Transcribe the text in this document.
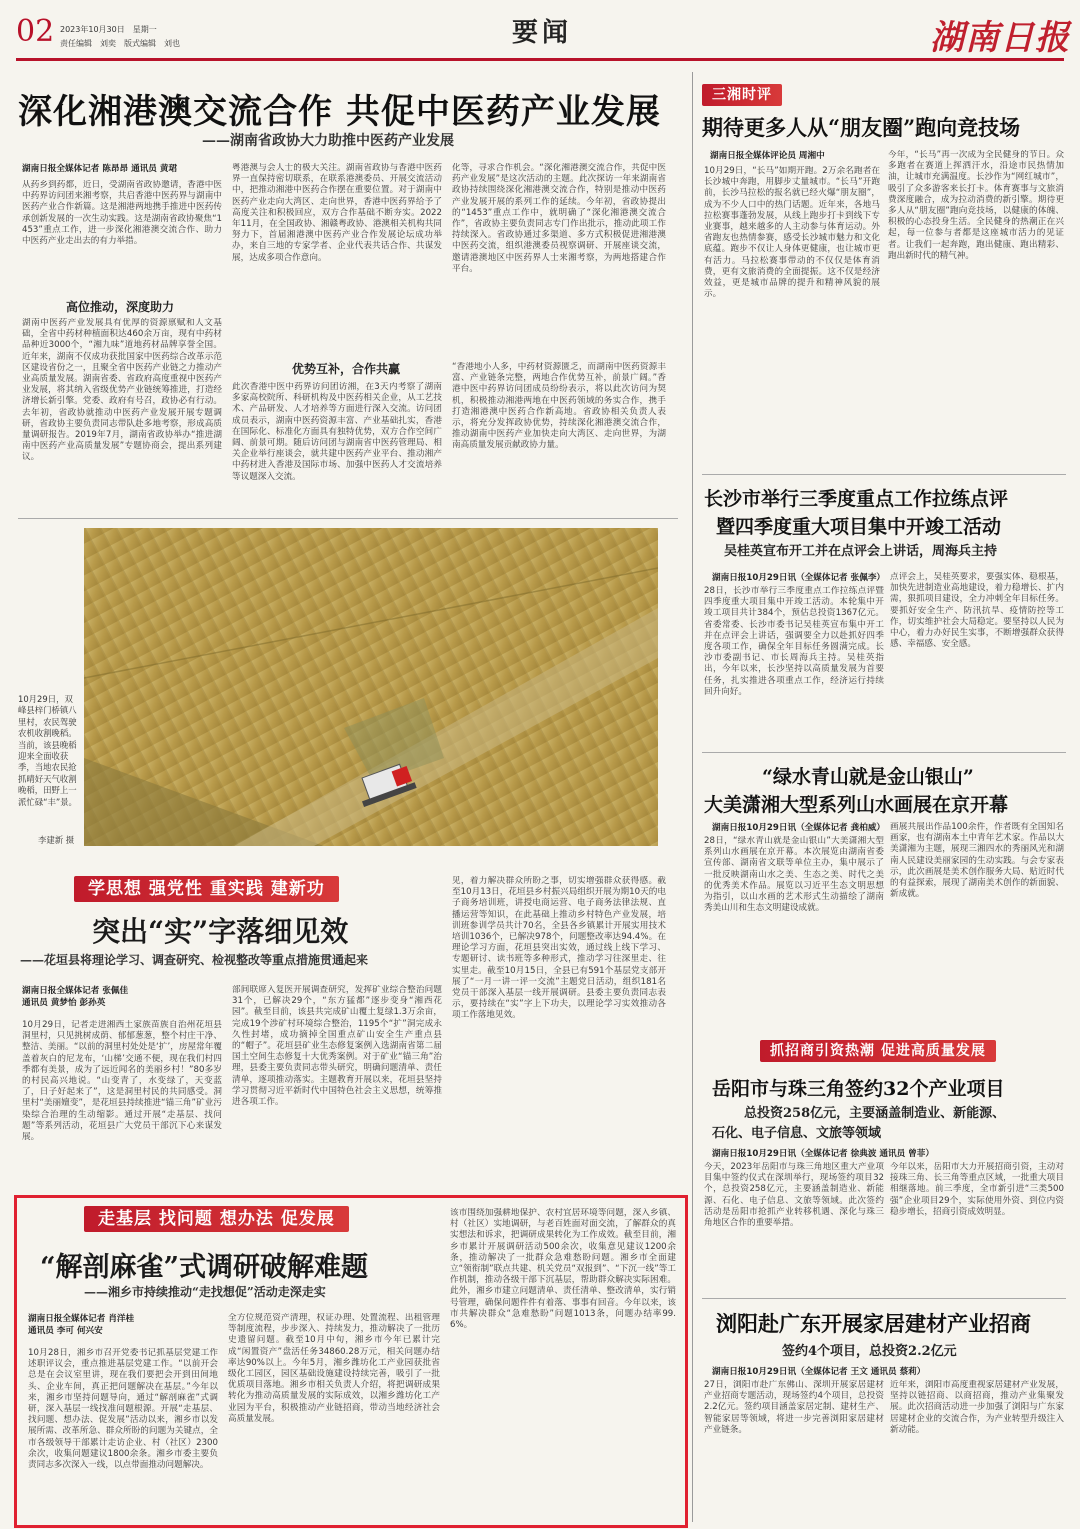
02 2023年10月30日　星期一
责任编辑　刘奕　版式编辑　刘也	要闻	湖南日报
深化湘港澳交流合作 共促中医药产业发展
——湖南省政协大力助推中医药产业发展
湖南日报全媒体记者 陈昂昂 通讯员 黄珺
从药乡到药都，近日，受湖南省政协邀请，香港中医中药界访问团来湘考察，共启香港中医药界与湖南中医药产业合作新篇。这是湘港两地携手推进中医药传承创新发展的一次生动实践。这是湖南省政协聚焦“1453”重点工作，进一步深化湘港澳交流合作、助力中医药产业走出去的有力举措。
高位推动，深度助力
湖南中医药产业发展具有优厚的资源禀赋和人文基础，全省中药材种植面积达460余万亩，现有中药材品种近3000个，“湘九味”道地药材品牌享誉全国。近年来，湖南不仅成功获批国家中医药综合改革示范区建设省份之一，且聚全省中医药产业链之力推动产业高质量发展。湖南省委、省政府高度重视中医药产业发展，将其纳入省级优势产业链统筹推进，打造经济增长新引擎。党委、政府有号召，政协必有行动。去年初，省政协就推动中医药产业发展开展专题调研，省政协主要负责同志带队赴多地考察，形成高质量调研报告。2019年7月，湖南省政协举办“推进湖南中医药产业高质量发展”专题协商会，提出系列建议。
粤港澳与会人士的极大关注。湖南省政协与香港中医药界一直保持密切联系，在联系港澳委员、开展交流活动中，把推动湘港中医药合作摆在重要位置。对于湖南中医药产业走向大湾区、走向世界，香港中医药界给予了高度关注和积极回应，双方合作基础不断夯实。2022年11月，在全国政协、湘赣粤政协、港澳相关机构共同努力下，首届湘港澳中医药产业合作发展论坛成功举办，来自三地的专家学者、企业代表共话合作、共谋发展，达成多项合作意向。
优势互补，合作共赢
此次香港中医中药界访问团访湘，在3天内考察了湖南多家高校院所、科研机构及中医药相关企业，从工艺技术、产品研发、人才培养等方面进行深入交流。访问团成员表示，湖南中医药资源丰富、产业基础扎实，香港在国际化、标准化方面具有独特优势，双方合作空间广阔、前景可期。随后访问团与湖南省中医药管理局、相关企业举行座谈会，就共建中医药产业平台、推动湘产中药材进入香港及国际市场、加强中医药人才交流培养等议题深入交流。
化等，寻求合作机会。“深化湘港澳交流合作，共促中医药产业发展”是这次活动的主题。此次探访一年来湖南省政协持续围绕深化湘港澳交流合作，特别是推动中医药产业发展开展的系列工作的延续。今年初，省政协提出的“1453”重点工作中，就明确了“深化湘港澳交流合作”，省政协主要负责同志专门作出批示，推动此项工作持续深入。省政协通过多渠道、多方式积极促进湘港澳中医药交流，组织港澳委员视察调研、开展座谈交流，邀请港澳地区中医药界人士来湘考察，为两地搭建合作平台。
“香港地小人多，中药材资源匮乏，而湖南中医药资源丰富、产业链条完整，两地合作优势互补，前景广阔。”香港中医中药界访问团成员纷纷表示，将以此次访问为契机，积极推动湘港两地在中医药领域的务实合作，携手打造湘港澳中医药合作新高地。省政协相关负责人表示，将充分发挥政协优势，持续深化湘港澳交流合作，推动湖南中医药产业加快走向大湾区、走向世界，为湖南高质量发展贡献政协力量。
10月29日，双峰县梓门桥镇八里村，农民驾驶农机收割晚稻。当前，该县晚稻迎来全面收获季，当地农民抢抓晴好天气收割晚稻，田野上一派忙碌“丰”景。
李建新 摄
学思想 强党性 重实践 建新功
突出“实”字落细见效
——花垣县将理论学习、调查研究、检视整改等重点措施贯通起来
湖南日报全媒体记者 张佩佳
通讯员 黄梦怡 彭孙英
10月29日，记者走进湘西土家族苗族自治州花垣县洞里村，只见挑树成荫、郁郁葱葱，整个村庄干净、整洁、美丽。“以前的洞里村处处是‘扩’，房屋常年覆盖着灰白的尼龙布，‘山梯’交通不便，现在我们村四季都有美景，成为了远近闻名的美丽乡村！”80多岁的村民高兴地说。“山变青了，水变绿了，天变蓝了，日子好起来了”，这是洞里村民的共同感受。洞里村“美丽嬗变”，是花垣县持续推进“锚三角”矿业污染综合治理的生动缩影。通过开展“走基层、找问题”等系列活动，花垣县广大党员干部沉下心来谋发展。
部间联席入复医开展调查研究，发挥矿业综合整治问题31个，已解决29个，“东方猛都”逐步变身“湘西花园”。截至目前，该县共完成矿山覆土复绿1.3万余亩，完成19个涉矿村环境综合整治，1195个“扩”洞完成永久性封堵，成功摘掉全国重点矿山安全生产重点县的“帽子”。花垣县矿业生态修复案例入选湖南省第二届国土空间生态修复十大优秀案例。对于矿业“锚三角”治理，县委主要负责同志带头研究，明确问题清单、责任清单，逐项推动落实。主题教育开展以来，花垣县坚持学习贯彻习近平新时代中国特色社会主义思想，统筹推进各项工作。
见，着力解决群众所盼之事，切实增强群众获得感。截至10月13日，花垣县乡村振兴局组织开展为期10天的电子商务培训班，讲授电商运营、电子商务法律法规、直播运营等知识，在此基础上推动乡村特色产业发展，培训班参训学员共计70名，全县各乡镇累计开展实用技术培训1036个，已解决978个，问题整改率达94.4%。在理论学习方面，花垣县突出实效，通过线上线下学习、专题研讨、读书班等多种形式，推动学习往深里走、往实里走。截至10月15日，全县已有591个基层党支部开展了“一月一讲一评一交流”主题党日活动，组织181名党员干部深入基层一线开展调研。县委主要负责同志表示，要持续在“实”字上下功夫，以理论学习实效推动各项工作落地见效。
走基层 找问题 想办法 促发展
“解剖麻雀”式调研破解难题
——湘乡市持续推动“走找想促”活动走深走实
湖南日报全媒体记者 肖洋桂
通讯员 李可 何兴安
10月28日，湘乡市召开党委书记抓基层党建工作述职评议会，重点推进基层党建工作。“以前开会总是在会议室里讲，现在我们要把会开到田间地头、企业车间，真正把问题解决在基层。”今年以来，湘乡市坚持问题导向，通过“解剖麻雀”式调研，深入基层一线找准问题根源。开展“走基层、找问题、想办法、促发展”活动以来，湘乡市以发展所需、改革所急、群众所盼的问题为关键点，全市各级领导干部累计走访企业、村（社区）2300余次，收集问题建议1800余条。湘乡市委主要负责同志多次深入一线，以点带面推动问题解决。
全方位规范资产清理，权证办理、处置流程、出租管理等制度流程，步步深入、持续发力，推动解决了一批历史遗留问题。截至10月中旬，湘乡市今年已累计完成“闲置资产”盘活任务34860.28万元，相关问题办结率达90%以上。今年5月，湘乡潍坊化工产业园获批省级化工园区，园区基础设施建设持续完善，吸引了一批优质项目落地。湘乡市相关负责人介绍，将把调研成果转化为推动高质量发展的实际成效，以湘乡潍坊化工产业园为平台，积极推动产业链招商，带动当地经济社会高质量发展。
该市围绕加强耕地保护、农村宜居环境等问题，深入乡镇、村（社区）实地调研，与老百姓面对面交流，了解群众的真实想法和诉求，把调研成果转化为工作成效。截至目前，湘乡市累计开展调研活动500余次，收集意见建议1200余条，推动解决了一批群众急难愁盼问题。湘乡市全面建立“领衔制”联点共建、机关党员“双报到”、“下沉一线”等工作机制，推动各级干部下沉基层，帮助群众解决实际困难。此外，湘乡市建立问题清单、责任清单、整改清单，实行销号管理，确保问题件件有着落、事事有回音。今年以来，该市共解决群众“急难愁盼”问题1013条，问题办结率99.6%。
三湘时评
期待更多人从“朋友圈”跑向竞技场
湖南日报全媒体评论员 周湘中
10月29日，“长马”如期开跑。2万余名跑者在长沙城中奔跑，用脚步丈量城市。“长马”开跑前，长沙马拉松的报名就已经火爆“朋友圈”，成为不少人口中的热门话题。近年来，各地马拉松赛事蓬勃发展，从线上跑步打卡到线下专业赛事，越来越多的人主动参与体育运动。外省跑友也热情参赛，感受长沙城市魅力和文化底蕴。跑步不仅让人身体更健康，也让城市更有活力。马拉松赛事带动的不仅仅是体育消费，更有文旅消费的全面提振。这不仅是经济效益，更是城市品牌的提升和精神风貌的展示。
今年，“长马”再一次成为全民健身的节日。众多跑者在赛道上挥洒汗水，沿途市民热情加油，让城市充满温度。长沙作为“网红城市”，吸引了众多游客来长打卡。体育赛事与文旅消费深度融合，成为拉动消费的新引擎。期待更多人从“朋友圈”跑向竞技场，以健康的体魄、积极的心态投身生活。全民健身的热潮正在兴起，每一位参与者都是这座城市活力的见证者。让我们一起奔跑，跑出健康、跑出精彩、跑出新时代的精气神。
长沙市举行三季度重点工作拉练点评
暨四季度重大项目集中开竣工活动
吴桂英宣布开工并在点评会上讲话，周海兵主持
湖南日报10月29日讯（全媒体记者 张佩李）
28日，长沙市举行三季度重点工作拉练点评暨四季度重大项目集中开竣工活动。本轮集中开竣工项目共计384个，预估总投资1367亿元。省委常委、长沙市委书记吴桂英宣布集中开工并在点评会上讲话，强调要全力以赴抓好四季度各项工作，确保全年目标任务圆满完成。长沙市委副书记、市长周海兵主持。吴桂英指出，今年以来，长沙坚持以高质量发展为首要任务，扎实推进各项重点工作，经济运行持续回升向好。
点评会上，吴桂英要求，要强实体、稳根基，加快先进制造业高地建设，着力稳增长、扩内需，狠抓项目建设，全力冲刺全年目标任务。要抓好安全生产、防汛抗旱、疫情防控等工作，切实维护社会大局稳定。要坚持以人民为中心，着力办好民生实事，不断增强群众获得感、幸福感、安全感。
“绿水青山就是金山银山”
大美潇湘大型系列山水画展在京开幕
湖南日报10月29日讯（全媒体记者 龚柏威）
28日，“绿水青山就是金山银山”大美潇湘大型系列山水画展在京开幕。本次展览由湖南省委宣传部、湖南省文联等单位主办，集中展示了一批反映湖南山水之美、生态之美、时代之美的优秀美术作品。展览以习近平生态文明思想为指引，以山水画的艺术形式生动描绘了湖南秀美山川和生态文明建设成就。
画展共展出作品100余件，作者既有全国知名画家，也有湖南本土中青年艺术家。作品以大美潇湘为主题，展现三湘四水的秀丽风光和湖南人民建设美丽家园的生动实践。与会专家表示，此次画展是美术创作服务大局、贴近时代的有益探索，展现了湖南美术创作的新面貌、新成就。
抓招商引资热潮 促进高质量发展
岳阳市与珠三角签约32个产业项目
总投资258亿元，主要涵盖制造业、新能源、
石化、电子信息、文旅等领域
湖南日报10月29日讯（全媒体记者 徐典波 通讯员 曾菲）
今天，2023年岳阳市与珠三角地区重大产业项目集中签约仪式在深圳举行，现场签约项目32个，总投资258亿元，主要涵盖制造业、新能源、石化、电子信息、文旅等领域。此次签约活动是岳阳市抢抓产业转移机遇、深化与珠三角地区合作的重要举措。
今年以来，岳阳市大力开展招商引资，主动对接珠三角、长三角等重点区域，一批重大项目相继落地。前三季度，全市新引进“三类500强”企业项目29个，实际使用外资、到位内资稳步增长，招商引资成效明显。
浏阳赴广东开展家居建材产业招商
签约4个项目，总投资2.2亿元
湖南日报10月29日讯（全媒体记者 王文 通讯员 蔡莉）
27日，浏阳市赴广东佛山、深圳开展家居建材产业招商专题活动，现场签约4个项目，总投资2.2亿元。签约项目涵盖家居定制、建材生产、智能家居等领域，将进一步完善浏阳家居建材产业链条。
近年来，浏阳市高度重视家居建材产业发展，坚持以链招商、以商招商，推动产业集聚发展。此次招商活动进一步加强了浏阳与广东家居建材企业的交流合作，为产业转型升级注入新动能。
